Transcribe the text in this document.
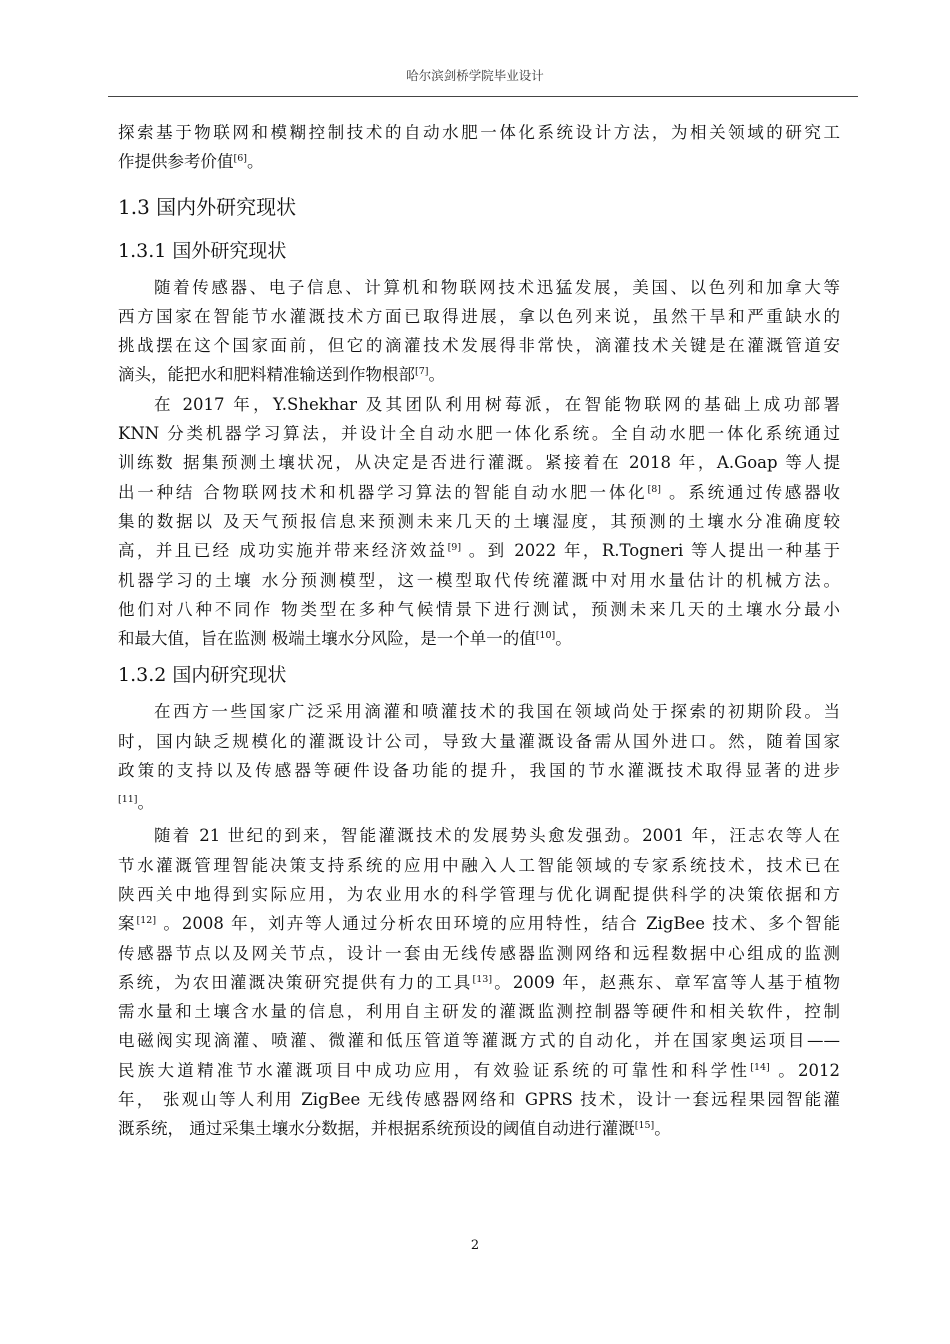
哈尔滨剑桥学院毕业设计
探索基于物联网和模糊控制技术的自动水肥一体化系统设计方法，为相关领域的研究工
作提供参考价值[6]。
1.3 国内外研究现状
1.3.1 国外研究现状
随着传感器、电子信息、计算机和物联网技术迅猛发展，美国、以色列和加拿大等
西方国家在智能节水灌溉技术方面已取得进展，拿以色列来说，虽然干旱和严重缺水的
挑战摆在这个国家面前，但它的滴灌技术发展得非常快，滴灌技术关键是在灌溉管道安
滴头，能把水和肥料精准输送到作物根部[7]。
在 2017 年，Y.Shekhar 及其团队利用树莓派，在智能物联网的基础上成功部署
KNN 分类机器学习算法，并设计全自动水肥一体化系统。全自动水肥一体化系统通过
训练数 据集预测土壤状况，从决定是否进行灌溉。紧接着在 2018 年，A.Goap 等人提
出一种结 合物联网技术和机器学习算法的智能自动水肥一体化[8] 。系统通过传感器收
集的数据以 及天气预报信息来预测未来几天的土壤湿度，其预测的土壤水分准确度较
高，并且已经 成功实施并带来经济效益[9] 。到 2022 年，R.Togneri 等人提出一种基于
机器学习的土壤 水分预测模型，这一模型取代传统灌溉中对用水量估计的机械方法。
他们对八种不同作 物类型在多种气候情景下进行测试，预测未来几天的土壤水分最小
和最大值，旨在监测 极端土壤水分风险，是一个单一的值[10]。
1.3.2 国内研究现状
在西方一些国家广泛采用滴灌和喷灌技术的我国在领域尚处于探索的初期阶段。当
时，国内缺乏规模化的灌溉设计公司，导致大量灌溉设备需从国外进口。然，随着国家
政策的支持以及传感器等硬件设备功能的提升，我国的节水灌溉技术取得显著的进步
[11]。
随着 21 世纪的到来，智能灌溉技术的发展势头愈发强劲。2001 年，汪志农等人在
节水灌溉管理智能决策支持系统的应用中融入人工智能领域的专家系统技术，技术已在
陕西关中地得到实际应用，为农业用水的科学管理与优化调配提供科学的决策依据和方
案[12] 。2008 年，刘卉等人通过分析农田环境的应用特性，结合 ZigBee 技术、多个智能
传感器节点以及网关节点，设计一套由无线传感器监测网络和远程数据中心组成的监测
系统，为农田灌溉决策研究提供有力的工具[13]。2009 年，赵燕东、章军富等人基于植物
需水量和土壤含水量的信息，利用自主研发的灌溉监测控制器等硬件和相关软件，控制
电磁阀实现滴灌、喷灌、微灌和低压管道等灌溉方式的自动化，并在国家奥运项目——
民族大道精准节水灌溉项目中成功应用，有效验证系统的可靠性和科学性[14] 。2012
年， 张观山等人利用 ZigBee 无线传感器网络和 GPRS 技术，设计一套远程果园智能灌
溉系统， 通过采集土壤水分数据，并根据系统预设的阈值自动进行灌溉[15]。
2
